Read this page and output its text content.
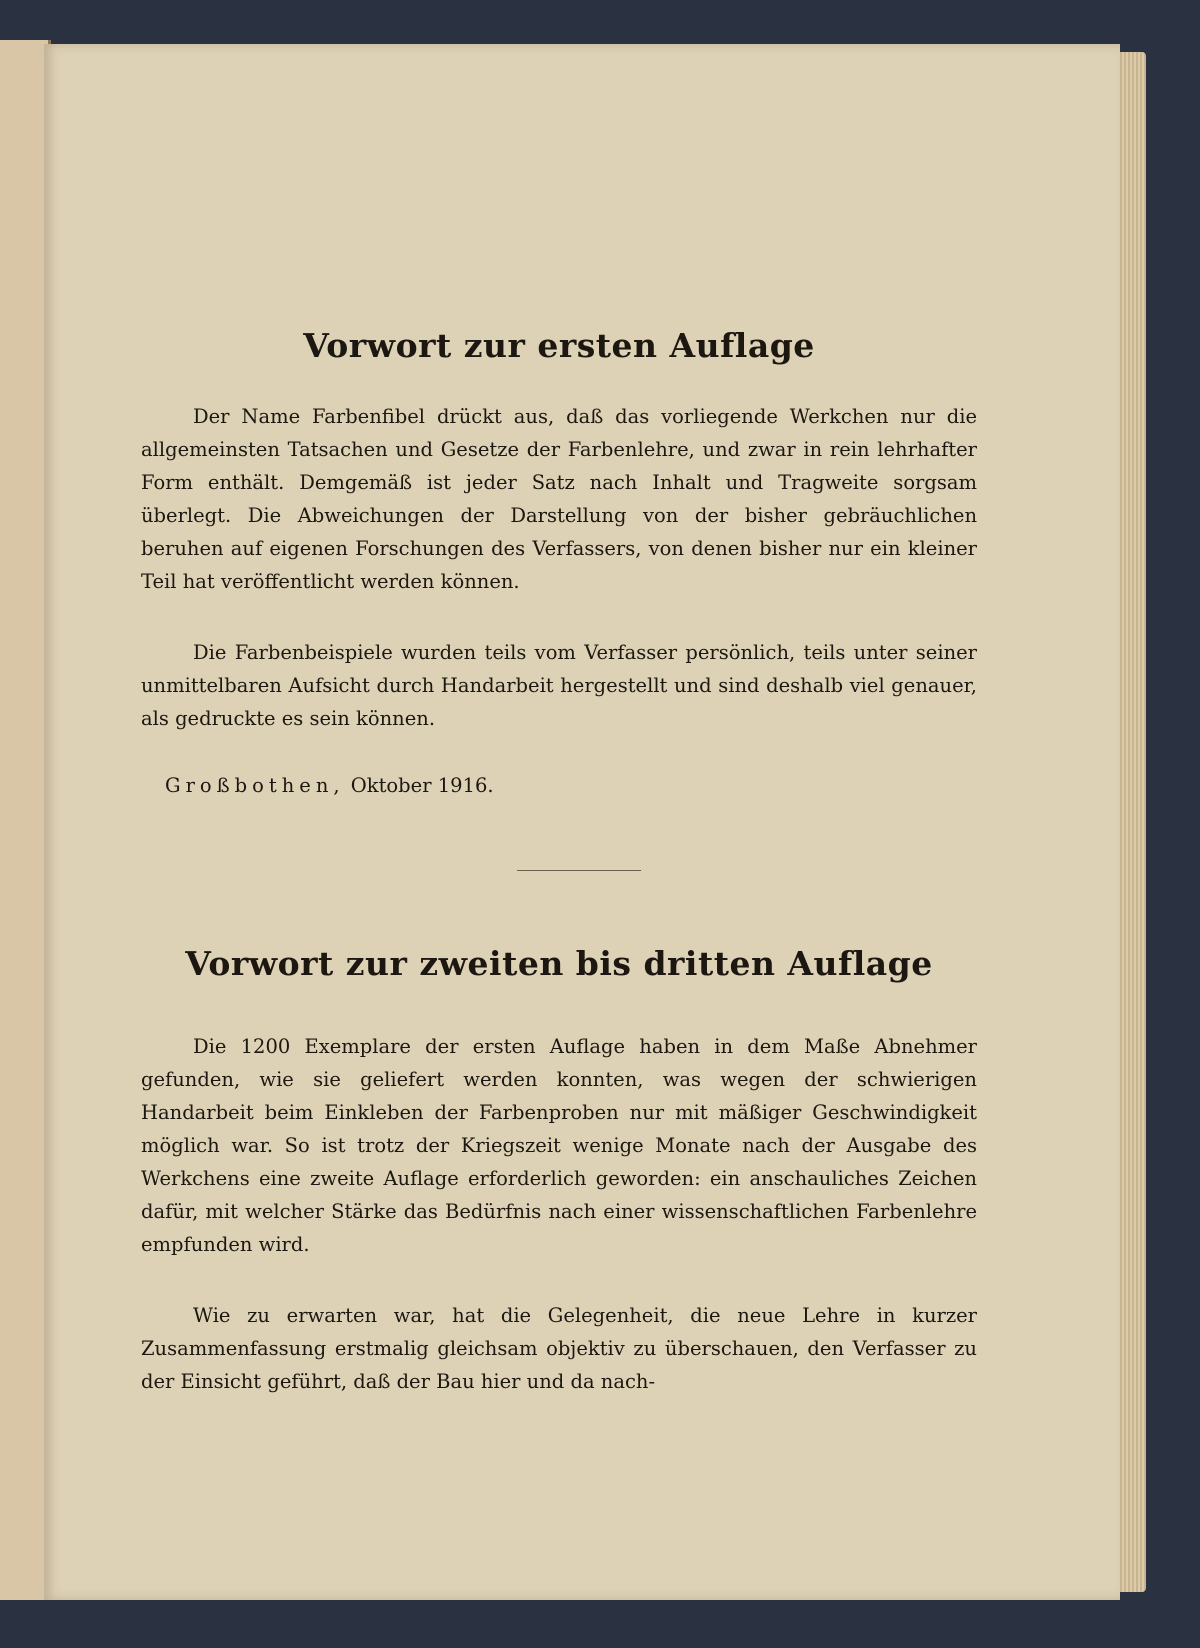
Vorwort zur ersten Auflage

Der Name Farbenfibel drückt aus, daß das vorliegende Werkchen nur die allgemeinsten Tatsachen und Gesetze der Farbenlehre, und zwar in rein lehrhafter Form enthält. Demgemäß ist jeder Satz nach Inhalt und Tragweite sorgsam überlegt. Die Abweichungen der Darstellung von der bisher gebräuchlichen beruhen auf eigenen Forschungen des Verfassers, von denen bisher nur ein kleiner Teil hat veröffentlicht werden können.

Die Farbenbeispiele wurden teils vom Verfasser persönlich, teils unter seiner unmittelbaren Aufsicht durch Handarbeit hergestellt und sind deshalb viel genauer, als gedruckte es sein können.

Großbothen, Oktober 1916.
Vorwort zur zweiten bis dritten Auflage

Die 1200 Exemplare der ersten Auflage haben in dem Maße Abnehmer gefunden, wie sie geliefert werden konnten, was wegen der schwierigen Handarbeit beim Einkleben der Farbenproben nur mit mäßiger Geschwindigkeit möglich war. So ist trotz der Kriegszeit wenige Monate nach der Ausgabe des Werkchens eine zweite Auflage erforderlich geworden: ein anschauliches Zeichen dafür, mit welcher Stärke das Bedürfnis nach einer wissenschaftlichen Farbenlehre empfunden wird.

Wie zu erwarten war, hat die Gelegenheit, die neue Lehre in kurzer Zusammenfassung erstmalig gleichsam objektiv zu überschauen, den Verfasser zu der Einsicht geführt, daß der Bau hier und da nach-
